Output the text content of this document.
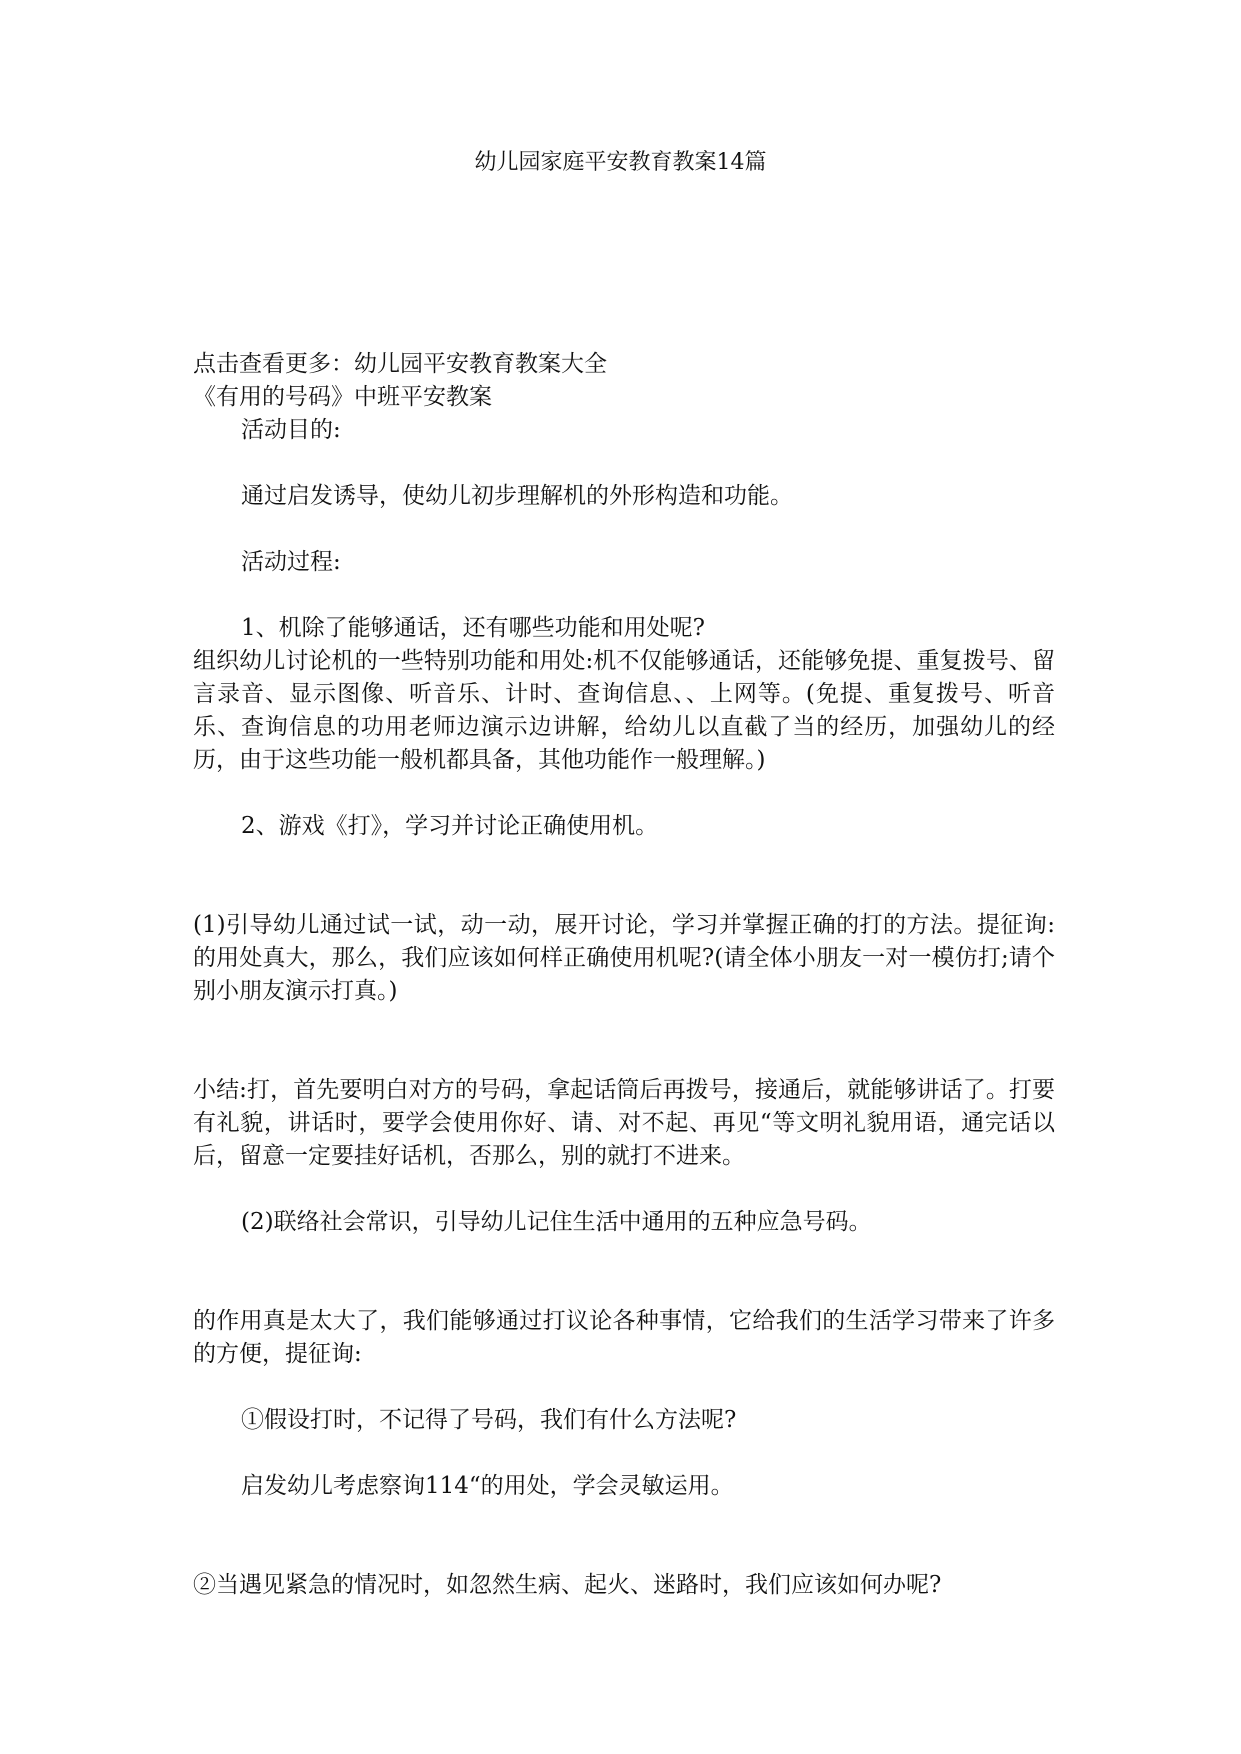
幼儿园家庭平安教育教案14篇

点击查看更多：幼儿园平安教育教案大全

《有用的号码》中班平安教案

活动目的:

通过启发诱导，使幼儿初步理解机的外形构造和功能。

活动过程:

1、机除了能够通话，还有哪些功能和用处呢?

组织幼儿讨论机的一些特别功能和用处:机不仅能够通话，还能够免提、重复拨号、留言录音、显示图像、听音乐、计时、查询信息、、上网等。(免提、重复拨号、听音乐、查询信息的功用老师边演示边讲解，给幼儿以直截了当的经历，加强幼儿的经历，由于这些功能一般机都具备，其他功能作一般理解。)

2、游戏《打》，学习并讨论正确使用机。

(1)引导幼儿通过试一试，动一动，展开讨论，学习并掌握正确的打的方法。提征询:的用处真大，那么，我们应该如何样正确使用机呢?(请全体小朋友一对一模仿打;请个别小朋友演示打真。)

小结:打，首先要明白对方的号码，拿起话筒后再拨号，接通后，就能够讲话了。打要有礼貌，讲话时，要学会使用你好、请、对不起、再见“等文明礼貌用语，通完话以后，留意一定要挂好话机，否那么，别的就打不进来。

(2)联络社会常识，引导幼儿记住生活中通用的五种应急号码。

的作用真是太大了，我们能够通过打议论各种事情，它给我们的生活学习带来了许多的方便，提征询:

①假设打时，不记得了号码，我们有什么方法呢?

启发幼儿考虑察询114“的用处，学会灵敏运用。

②当遇见紧急的情况时，如忽然生病、起火、迷路时，我们应该如何办呢?
